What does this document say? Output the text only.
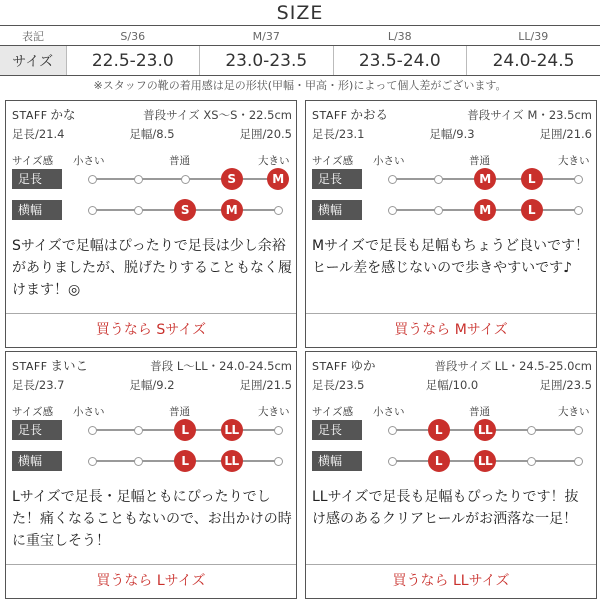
SIZE
表記	S/36	M/37	L/38	LL/39
サイズ	22.5-23.0	23.0-23.5	23.5-24.0	24.0-24.5
※スタッフの靴の着用感は足の形状(甲幅・甲高・形)によって個人差がございます。
STAFF かな	普段サイズ XS〜S・22.5cm
足長/21.4	足幅/8.5	足囲/20.5
サイズ感 小さい	普通	大きい
足長	S	M
横幅	S	M
Sサイズで足幅はぴったりで足長は少し余裕がありましたが、脱げたりすることもなく履けます！◎
買うなら Sサイズ
STAFF かおる	普段サイズ M・23.5cm
足長/23.1	足幅/9.3	足囲/21.6
サイズ感 小さい	普通	大きい
足長	M	L
横幅	M	L
Mサイズで足長も足幅もちょうど良いです！ヒール差を感じないので歩きやすいです♪
買うなら Mサイズ
STAFF まいこ	普段 L〜LL・24.0-24.5cm
足長/23.7	足幅/9.2	足囲/21.5
サイズ感 小さい	普通	大きい
足長	L	LL
横幅	L	LL
Lサイズで足長・足幅ともにぴったりでした！痛くなることもないので、お出かけの時に重宝しそう！
買うなら Lサイズ
STAFF ゆか	普段サイズ LL・24.5-25.0cm
足長/23.5	足幅/10.0	足囲/23.5
サイズ感 小さい	普通	大きい
足長	L	LL
横幅	L	LL
LLサイズで足長も足幅もぴったりです！抜け感のあるクリアヒールがお洒落な一足！
買うなら LLサイズ
